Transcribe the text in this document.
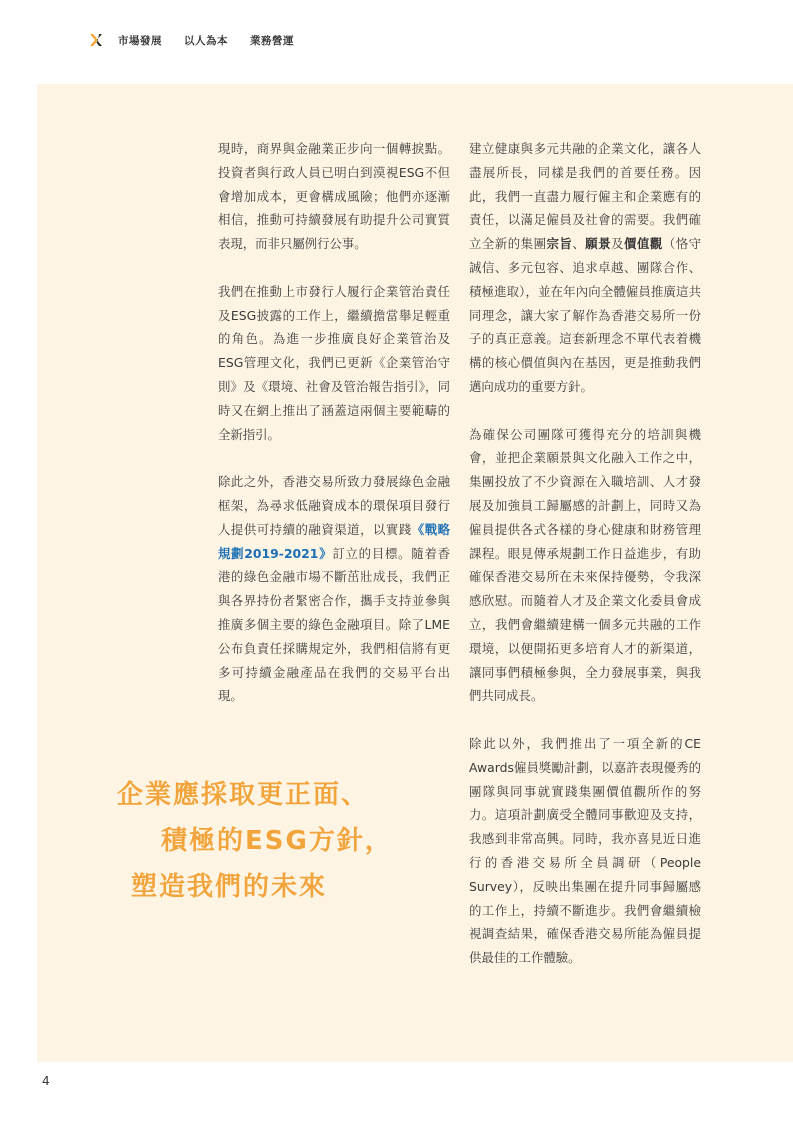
市場發展 以人為本 業務營運

現時，商界與金融業正步向一個轉捩點。投資者與行政人員已明白到漠視ESG不但會增加成本，更會構成風險；他們亦逐漸相信，推動可持續發展有助提升公司實質表現，而非只屬例行公事。

我們在推動上市發行人履行企業管治責任及ESG披露的工作上，繼續擔當舉足輕重的角色。為進一步推廣良好企業管治及ESG管理文化，我們已更新《企業管治守則》及《環境、社會及管治報告指引》，同時又在網上推出了涵蓋這兩個主要範疇的全新指引。

除此之外，香港交易所致力發展綠色金融框架，為尋求低融資成本的環保項目發行人提供可持續的融資渠道，以實踐《戰略規劃2019-2021》訂立的目標。隨着香港的綠色金融市場不斷茁壯成長，我們正與各界持份者緊密合作，攜手支持並參與推廣多個主要的綠色金融項目。除了LME公布負責任採購規定外，我們相信將有更多可持續金融產品在我們的交易平台出現。

建立健康與多元共融的企業文化，讓各人盡展所長，同樣是我們的首要任務。因此，我們一直盡力履行僱主和企業應有的責任，以滿足僱員及社會的需要。我們確立全新的集團宗旨、願景及價值觀（恪守誠信、多元包容、追求卓越、團隊合作、積極進取），並在年內向全體僱員推廣這共同理念，讓大家了解作為香港交易所一份子的真正意義。這套新理念不單代表着機構的核心價值與內在基因，更是推動我們邁向成功的重要方針。

為確保公司團隊可獲得充分的培訓與機會，並把企業願景與文化融入工作之中，集團投放了不少資源在入職培訓、人才發展及加強員工歸屬感的計劃上，同時又為僱員提供各式各樣的身心健康和財務管理課程。眼見傳承規劃工作日益進步，有助確保香港交易所在未來保持優勢，令我深感欣慰。而隨着人才及企業文化委員會成立，我們會繼續建構一個多元共融的工作環境，以便開拓更多培育人才的新渠道，讓同事們積極參與，全力發展事業，與我們共同成長。

除此以外，我們推出了一項全新的CE Awards僱員獎勵計劃，以嘉許表現優秀的團隊與同事就實踐集團價值觀所作的努力。這項計劃廣受全體同事歡迎及支持，我感到非常高興。同時，我亦喜見近日進行的香港交易所全員調研（People Survey），反映出集團在提升同事歸屬感的工作上，持續不斷進步。我們會繼續檢視調查結果，確保香港交易所能為僱員提供最佳的工作體驗。

企業應採取更正面、
積極的ESG方針，
塑造我們的未來
4
